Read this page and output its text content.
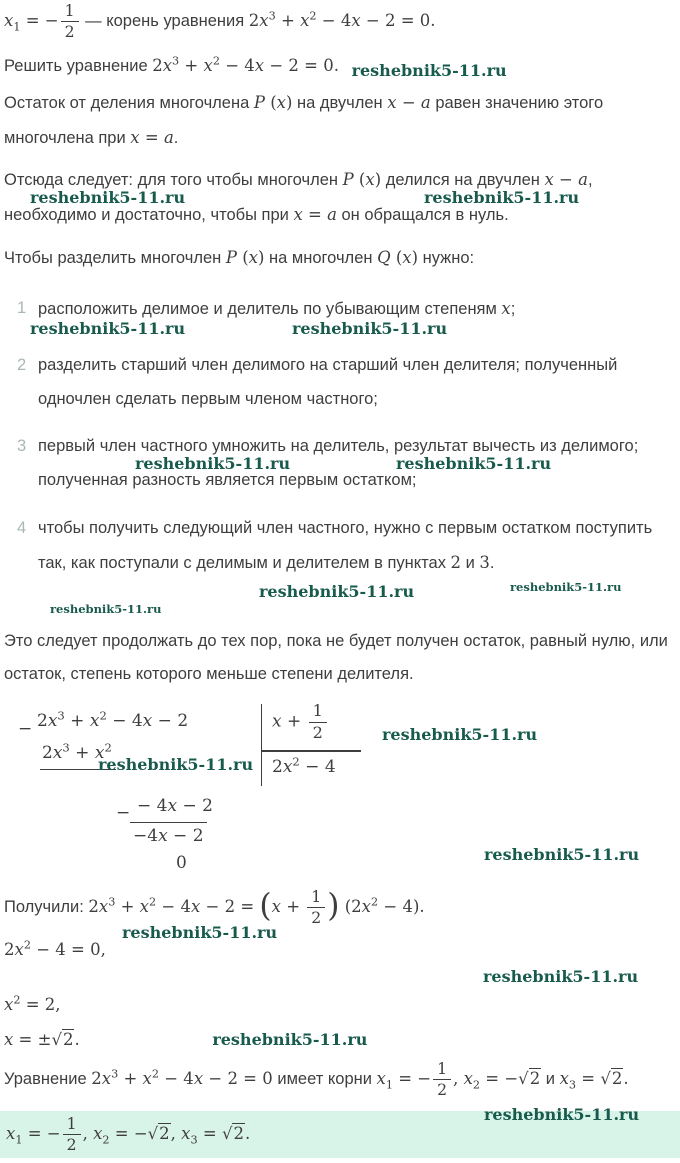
$x_1$ = − $\frac{1}{2}$ — корень уравнения $2x^3 + x^2 - 4x - 2 = 0$.

Решить уравнение $2x^3 + x^2 - 4x - 2 = 0$. reshebnik5-11.ru

Остаток от деления многочлена P (x) на двучлен x − a равен значению этого многочлена при x = a.

Отсюда следует: для того чтобы многочлен P (x) делился на двучлен x − a,

reshebnik5-11.ru	reshebnik5-11.ru

необходимо и достаточно, чтобы при x = a он обращался в нуль.

Чтобы разделить многочлен P (x) на многочлен Q (x) нужно:

1 расположить делимое и делитель по убывающим степеням x;
reshebnik5-11.ru	reshebnik5-11.ru
2 разделить старший член делимого на старший член делителя; полученный одночлен сделать первым членом частного;
3 первый член частного умножить на делитель, результат вычесть из делимого; полученная разность является первым остатком;
reshebnik5-11.ru	reshebnik5-11.ru
4 чтобы получить следующий член частного, нужно с первым остатком поступить так, как поступали с делимым и делителем в пунктах 2 и 3.
reshebnik5-11.ru	reshebnik5-11.ru
reshebnik5-11.ru

Это следует продолжать до тех пор, пока не будет получен остаток, равный нулю, или остаток, степень которого меньше степени делителя.

− $2x^3 + x^2 - 4x - 2$
$2x^3 + x^2$
$x + \frac{1}{2}$
$2x^2 - 4$
reshebnik5-11.ru
reshebnik5-11.ru
− − 4x − 2
−4x − 2
0	reshebnik5-11.ru

Получили: $2x^3 + x^2 - 4x - 2 = (x + \frac{1}{2}$ ) $(2x^2 - 4)$.

reshebnik5-11.ru

$2x^2 - 4 = 0$,

reshebnik5-11.ru

$x^2 = 2$,

x = ±√2.	reshebnik5-11.ru

Уравнение $2x^3 + x^2 - 4x - 2 = 0$ имеет корни $x_1$ = − $\frac{1}{2}$ , $x_2 = -√2$ и $x_3 = √2$.

reshebnik5-11.ru
$x_1$ = − $\frac{1}{2}$ , $x_2 = -√2$, $x_3 = √2$.
